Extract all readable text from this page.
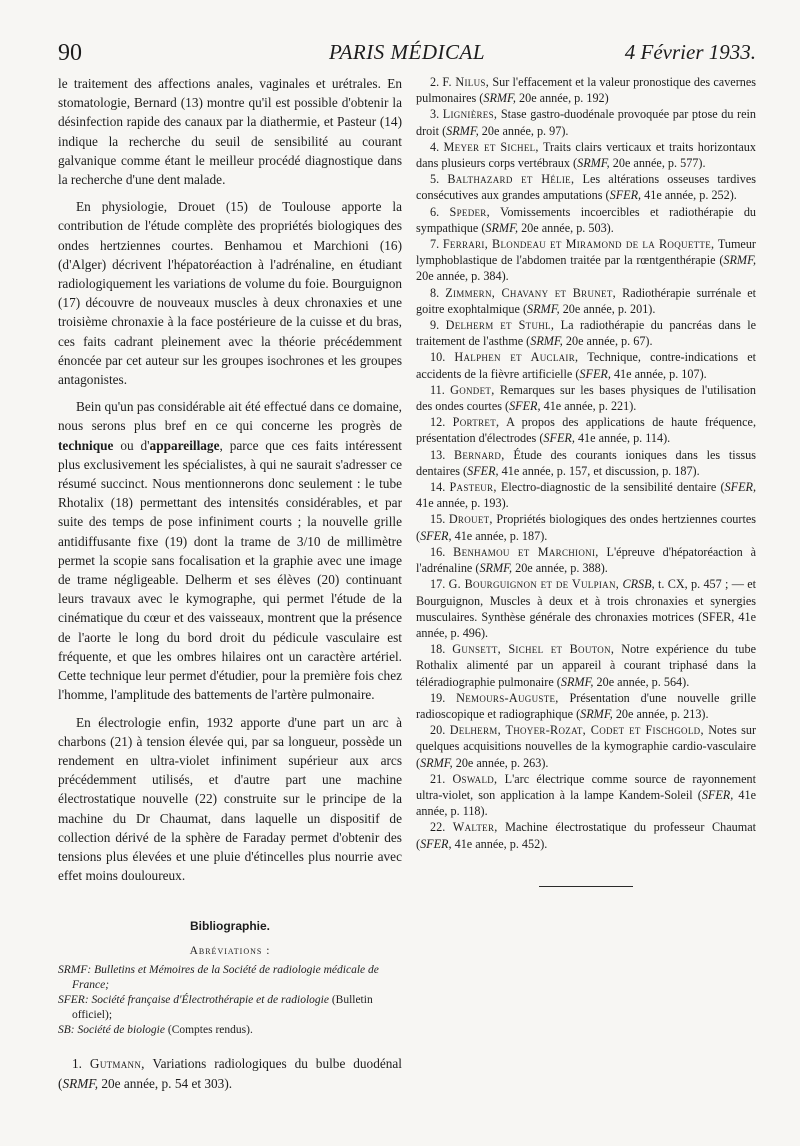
90	PARIS MÉDICAL	4 Février 1933.

le traitement des affections anales, vaginales et urétrales. En stomatologie, Bernard (13) montre qu'il est possible d'obtenir la désinfection rapide des canaux par la diathermie, et Pasteur (14) indique la recherche du seuil de sensibilité au courant galvanique comme étant le meilleur procédé diagnostique dans la recherche d'une dent malade.

En physiologie, Drouet (15) de Toulouse apporte la contribution de l'étude complète des propriétés biologiques des ondes hertziennes courtes. Benhamou et Marchioni (16) (d'Alger) décrivent l'hépatoréaction à l'adrénaline, en étudiant radiologiquement les variations de volume du foie. Bourguignon (17) découvre de nouveaux muscles à deux chronaxies et une troisième chronaxie à la face postérieure de la cuisse et du bras, ces faits cadrant pleinement avec la théorie précédemment énoncée par cet auteur sur les groupes isochrones et les groupes antagonistes.

Bein qu'un pas considérable ait été effectué dans ce domaine, nous serons plus bref en ce qui concerne les progrès de technique ou d'appareillage, parce que ces faits intéressent plus exclusivement les spécialistes, à qui ne saurait s'adresser ce résumé succinct. Nous mentionnerons donc seulement : le tube Rhotalix (18) permettant des intensités considérables, et par suite des temps de pose infiniment courts ; la nouvelle grille antidiffusante fixe (19) dont la trame de 3/10 de millimètre permet la scopie sans focalisation et la graphie avec une image de trame négligeable. Delherm et ses élèves (20) continuant leurs travaux avec le kymographe, qui permet l'étude de la cinématique du cœur et des vaisseaux, montrent que la présence de l'aorte le long du bord droit du pédicule vasculaire est fréquente, et que les ombres hilaires ont un caractère artériel. Cette technique leur permet d'étudier, pour la première fois chez l'homme, l'amplitude des battements de l'artère pulmonaire.

En électrologie enfin, 1932 apporte d'une part un arc à charbons (21) à tension élevée qui, par sa longueur, possède un rendement en ultra-violet infiniment supérieur aux arcs précédemment utilisés, et d'autre part une machine électrostatique nouvelle (22) construite sur le principe de la machine du Dr Chaumat, dans laquelle un dispositif de collection dérivé de la sphère de Faraday permet d'obtenir des tensions plus élevées et une pluie d'étincelles plus nourrie avec effet moins douloureux.

Bibliographie.
Abréviations :
SRMF: Bulletins et Mémoires de la Société de radiologie médicale de France;
SFER: Société française d'Électrothérapie et de radiologie (Bulletin officiel);
SB: Société de biologie (Comptes rendus).

1. Gutmann, Variations radiologiques du bulbe duodénal (SRMF, 20e année, p. 54 et 303).

2. F. Nilus, Sur l'effacement et la valeur pronostique des cavernes pulmonaires (SRMF, 20e année, p. 192)

3. Lignières, Stase gastro-duodénale provoquée par ptose du rein droit (SRMF, 20e année, p. 97).

4. Meyer et Sichel, Traits clairs verticaux et traits horizontaux dans plusieurs corps vertébraux (SRMF, 20e année, p. 577).

5. Balthazard et Hélie, Les altérations osseuses tardives consécutives aux grandes amputations (SFER, 41e année, p. 252).

6. Speder, Vomissements incoercibles et radiothérapie du sympathique (SRMF, 20e année, p. 503).

7. Ferrari, Blondeau et Miramond de la Roquette, Tumeur lymphoblastique de l'abdomen traitée par la rœntgenthérapie (SRMF, 20e année, p. 384).

8. Zimmern, Chavany et Brunet, Radiothérapie surrénale et goitre exophtalmique (SRMF, 20e année, p. 201).

9. Delherm et Stuhl, La radiothérapie du pancréas dans le traitement de l'asthme (SRMF, 20e année, p. 67).

10. Halphen et Auclair, Technique, contre-indications et accidents de la fièvre artificielle (SFER, 41e année, p. 107).

11. Gondet, Remarques sur les bases physiques de l'utilisation des ondes courtes (SFER, 41e année, p. 221).

12. Portret, A propos des applications de haute fréquence, présentation d'électrodes (SFER, 41e année, p. 114).

13. Bernard, Étude des courants ioniques dans les tissus dentaires (SFER, 41e année, p. 157, et discussion, p. 187).

14. Pasteur, Electro-diagnostic de la sensibilité dentaire (SFER, 41e année, p. 193).

15. Drouet, Propriétés biologiques des ondes hertziennes courtes (SFER, 41e année, p. 187).

16. Benhamou et Marchioni, L'épreuve d'hépatoréaction à l'adrénaline (SRMF, 20e année, p. 388).

17. G. Bourguignon et de Vulpian, CRSB, t. CX, p. 457 ; — et Bourguignon, Muscles à deux et à trois chronaxies et synergies musculaires. Synthèse générale des chronaxies motrices (SFER, 41e année, p. 496).

18. Gunsett, Sichel et Bouton, Notre expérience du tube Rothalix alimenté par un appareil à courant triphasé dans la téléradiographie pulmonaire (SRMF, 20e année, p. 564).

19. Nemours-Auguste, Présentation d'une nouvelle grille radioscopique et radiographique (SRMF, 20e année, p. 213).

20. Delherm, Thoyer-Rozat, Codet et Fischgold, Notes sur quelques acquisitions nouvelles de la kymographie cardio-vasculaire (SRMF, 20e année, p. 263).

21. Oswald, L'arc électrique comme source de rayonnement ultra-violet, son application à la lampe Kandem-Soleil (SFER, 41e année, p. 118).

22. Walter, Machine électrostatique du professeur Chaumat (SFER, 41e année, p. 452).
